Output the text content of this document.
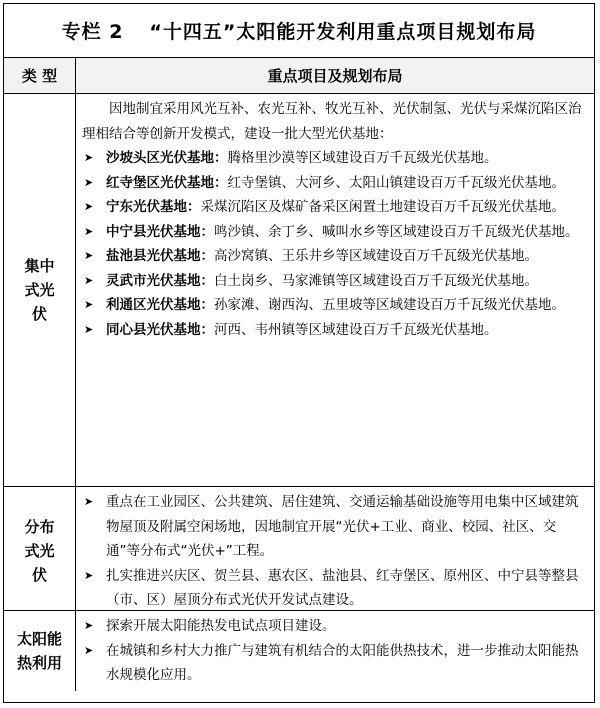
专栏 2 “十四五”太阳能开发利用重点项目规划布局
类 型	重点项目及规划布局
集中式光伏

因地制宜采用风光互补、农光互补、牧光互补、光伏制氢、光伏与采煤沉陷区治理相结合等创新开发模式，建设一批大型光伏基地：

➤ 沙坡头区光伏基地：腾格里沙漠等区域建设百万千瓦级光伏基地。
➤ 红寺堡区光伏基地：红寺堡镇、大河乡、太阳山镇建设百万千瓦级光伏基地。
➤ 宁东光伏基地：采煤沉陷区及煤矿备采区闲置土地建设百万千瓦级光伏基地。
➤ 中宁县光伏基地：鸣沙镇、余丁乡、喊叫水乡等区域建设百万千瓦级光伏基地。
➤ 盐池县光伏基地：高沙窝镇、王乐井乡等区域建设百万千瓦级光伏基地。
➤ 灵武市光伏基地：白土岗乡、马家滩镇等区域建设百万千瓦级光伏基地。
➤ 利通区光伏基地：孙家滩、谢西沟、五里坡等区域建设百万千瓦级光伏基地。
➤ 同心县光伏基地：河西、韦州镇等区域建设百万千瓦级光伏基地。
分布式光伏
➤ 重点在工业园区、公共建筑、居住建筑、交通运输基础设施等用电集中区域建筑物屋顶及附属空闲场地，因地制宜开展“光伏+工业、商业、校园、社区、交通”等分布式“光伏+”工程。
➤ 扎实推进兴庆区、贺兰县、惠农区、盐池县、红寺堡区、原州区、中宁县等整县（市、区）屋顶分布式光伏开发试点建设。
太阳能热利用
➤ 探索开展太阳能热发电试点项目建设。
➤ 在城镇和乡村大力推广与建筑有机结合的太阳能供热技术，进一步推动太阳能热水规模化应用。
